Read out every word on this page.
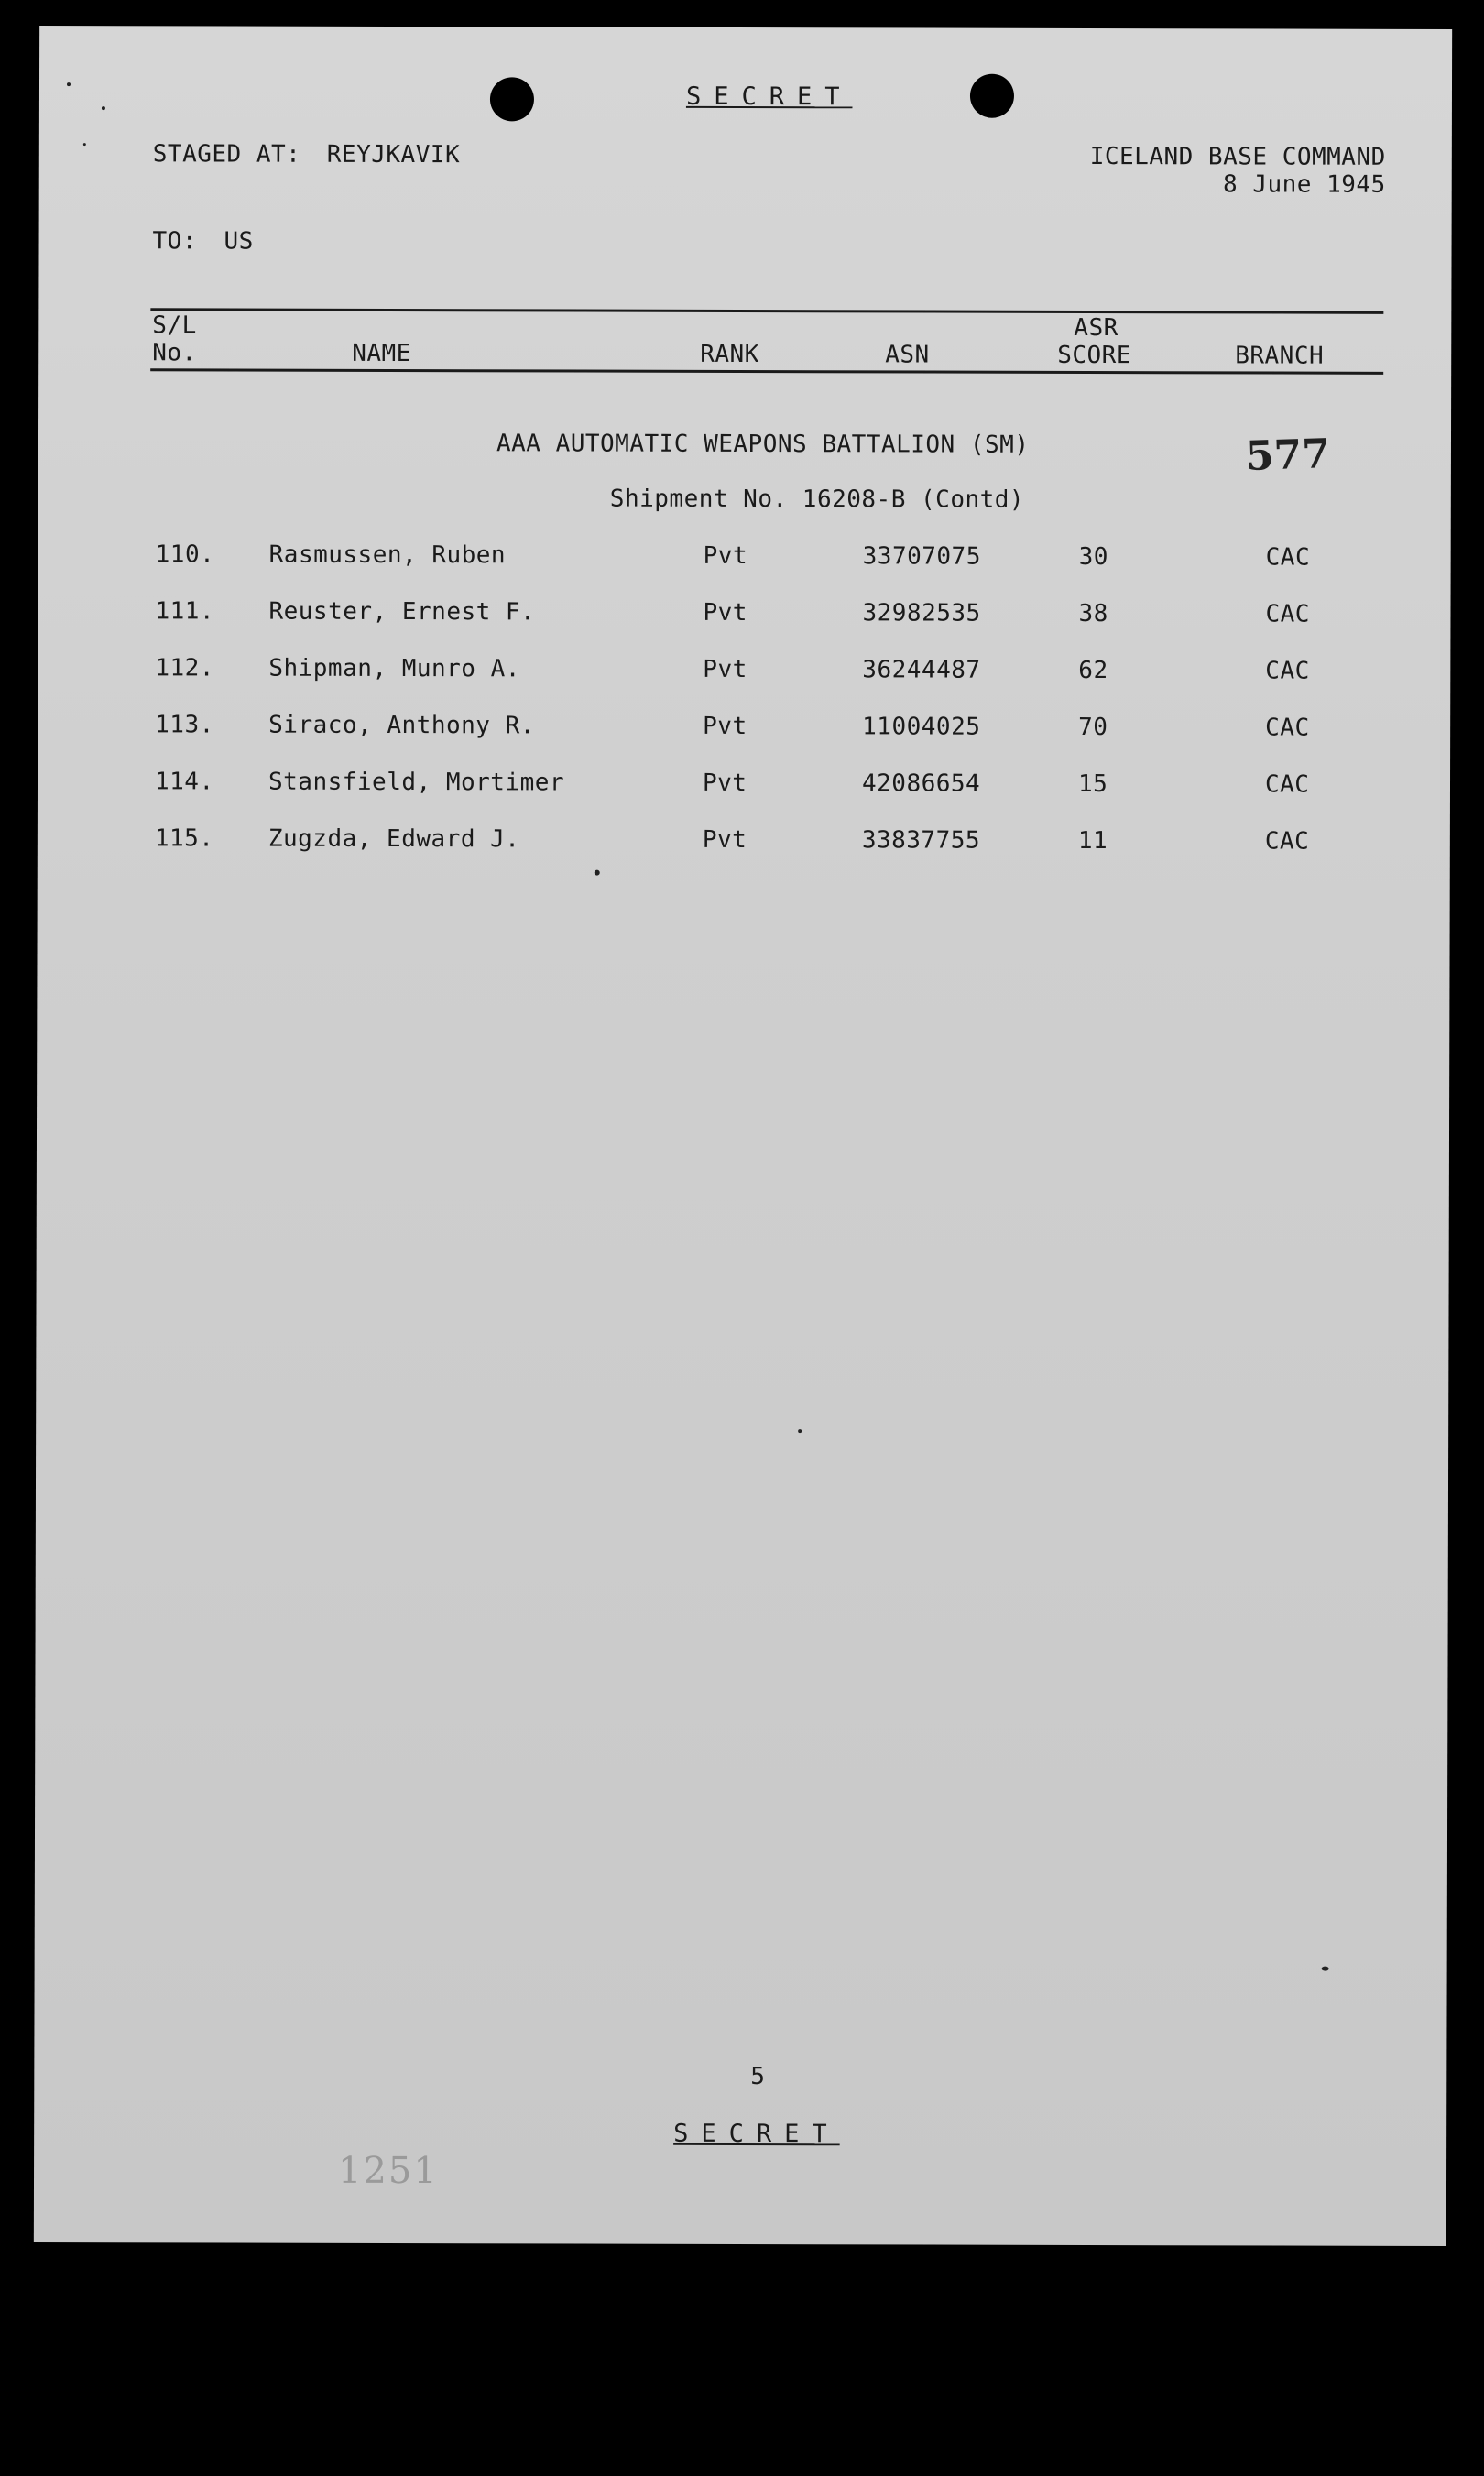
SECRET
STAGED AT: REYJKAVIK	ICELAND BASE COMMAND
8 June 1945
TO: US
S/L
No.	NAME	RANK	ASN
ASR
SCORE	BRANCH
AAA AUTOMATIC WEAPONS BATTALION (SM)	577
Shipment No. 16208-B (Contd)
110. Rasmussen, Ruben	Pvt	33707075	30	CAC
111. Reuster, Ernest F.	Pvt	32982535	38	CAC
112. Shipman, Munro A.	Pvt	36244487	62	CAC
113. Siraco, Anthony R.	Pvt	11004025	70	CAC
114. Stansfield, Mortimer	Pvt	42086654	15	CAC
115. Zugzda, Edward J.	Pvt	33837755	11	CAC
5
SECRET
1251
